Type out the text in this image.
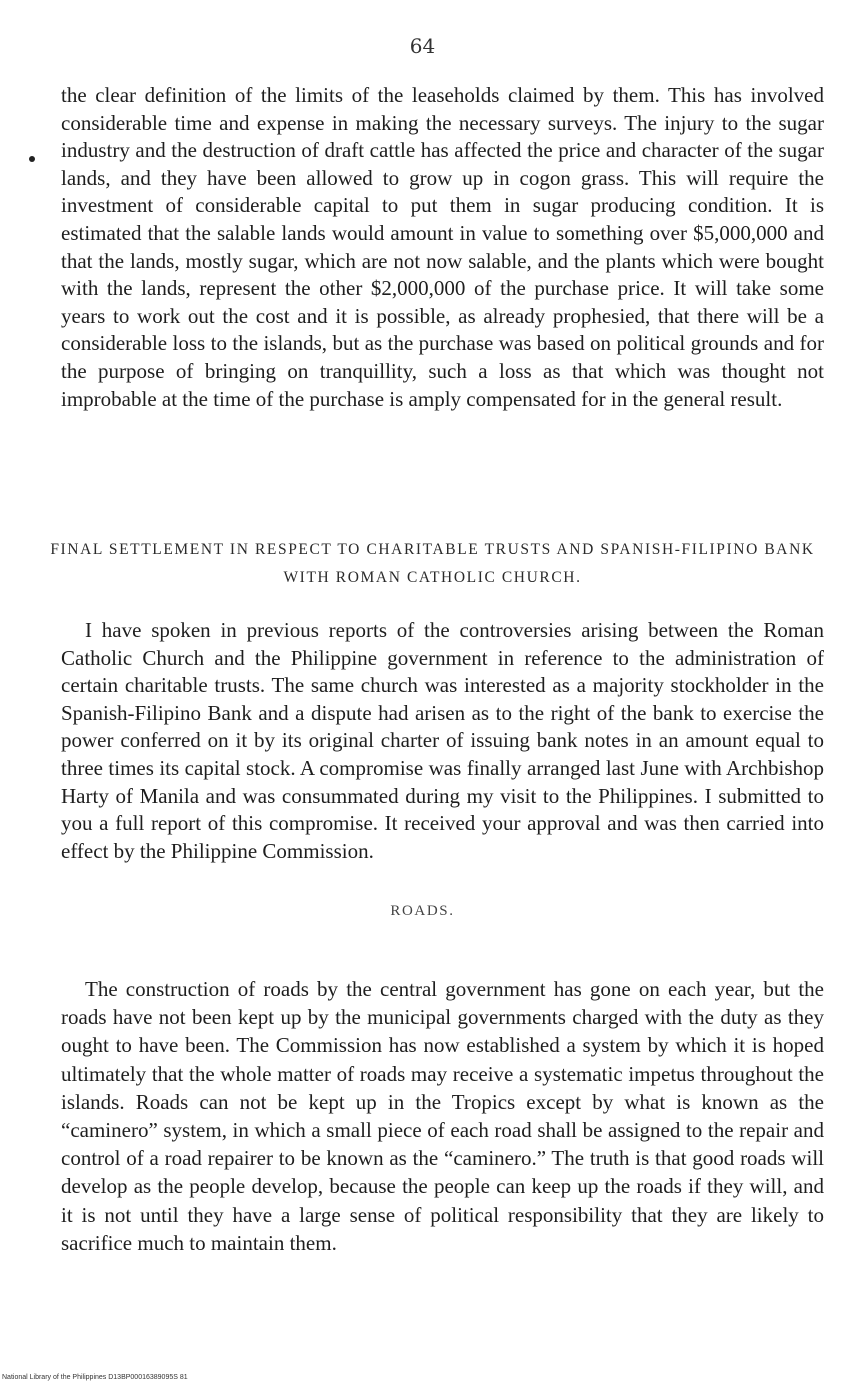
64

the clear definition of the limits of the leaseholds claimed by them. This has involved considerable time and expense in making the necessary surveys. The injury to the sugar industry and the destruction of draft cattle has affected the price and character of the sugar lands, and they have been allowed to grow up in cogon grass. This will require the investment of considerable capital to put them in sugar producing condition. It is estimated that the salable lands would amount in value to something over $5,000,000 and that the lands, mostly sugar, which are not now salable, and the plants which were bought with the lands, represent the other $2,000,000 of the purchase price. It will take some years to work out the cost and it is possible, as already prophesied, that there will be a considerable loss to the islands, but as the purchase was based on political grounds and for the purpose of bringing on tranquillity, such a loss as that which was thought not improbable at the time of the purchase is amply compensated for in the general result.

FINAL SETTLEMENT IN RESPECT TO CHARITABLE TRUSTS AND SPANISH-FILIPINO BANK WITH ROMAN CATHOLIC CHURCH.

I have spoken in previous reports of the controversies arising between the Roman Catholic Church and the Philippine government in reference to the administration of certain charitable trusts. The same church was interested as a majority stockholder in the Spanish-Filipino Bank and a dispute had arisen as to the right of the bank to exercise the power conferred on it by its original charter of issuing bank notes in an amount equal to three times its capital stock. A compromise was finally arranged last June with Archbishop Harty of Manila and was consummated during my visit to the Philippines. I submitted to you a full report of this compromise. It received your approval and was then carried into effect by the Philippine Commission.

ROADS.

The construction of roads by the central government has gone on each year, but the roads have not been kept up by the municipal governments charged with the duty as they ought to have been. The Commission has now established a system by which it is hoped ultimately that the whole matter of roads may receive a systematic impetus throughout the islands. Roads can not be kept up in the Tropics except by what is known as the “caminero” system, in which a small piece of each road shall be assigned to the repair and control of a road repairer to be known as the “caminero.” The truth is that good roads will develop as the people develop, because the people can keep up the roads if they will, and it is not until they have a large sense of political responsibility that they are likely to sacrifice much to maintain them.

National Library of the Philippines D13BP00016389095S 81
